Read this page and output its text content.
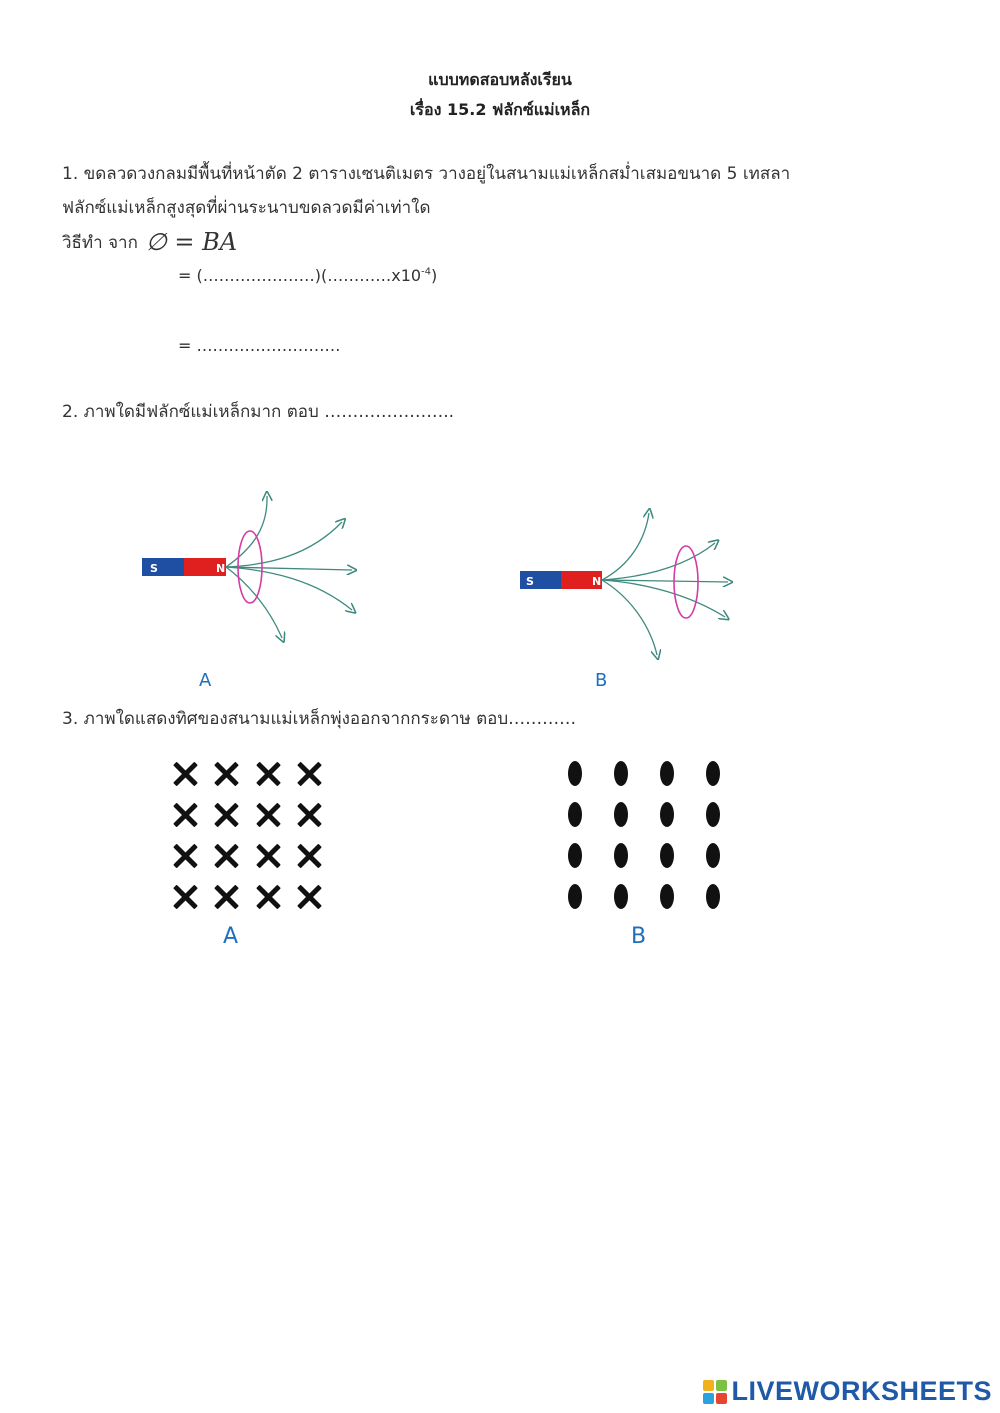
แบบทดสอบหลังเรียน
เรื่อง 15.2 ฟลักซ์แม่เหล็ก
1. ขดลวดวงกลมมีพื้นที่หน้าตัด 2 ตารางเซนติเมตร วางอยู่ในสนามแม่เหล็กสม่ำเสมอขนาด 5 เทสลา
ฟลักซ์แม่เหล็กสูงสุดที่ผ่านระนาบขดลวดมีค่าเท่าใด
วิธีทำ จาก ∅ = BA
= $(\dots\dots\dots\dots\dots\dots\dots)(\dots\dots\dots\dots x10^{-4})$
= ………………………
2. ภาพใดมีฟลักซ์แม่เหล็กมาก ตอบ …………………..
S	N
A
S	N
B
3. ภาพใดแสดงทิศของสนามแม่เหล็กพุ่งออกจากกระดาษ ตอบ…………
A	B
LIVEWORKSHEETS
